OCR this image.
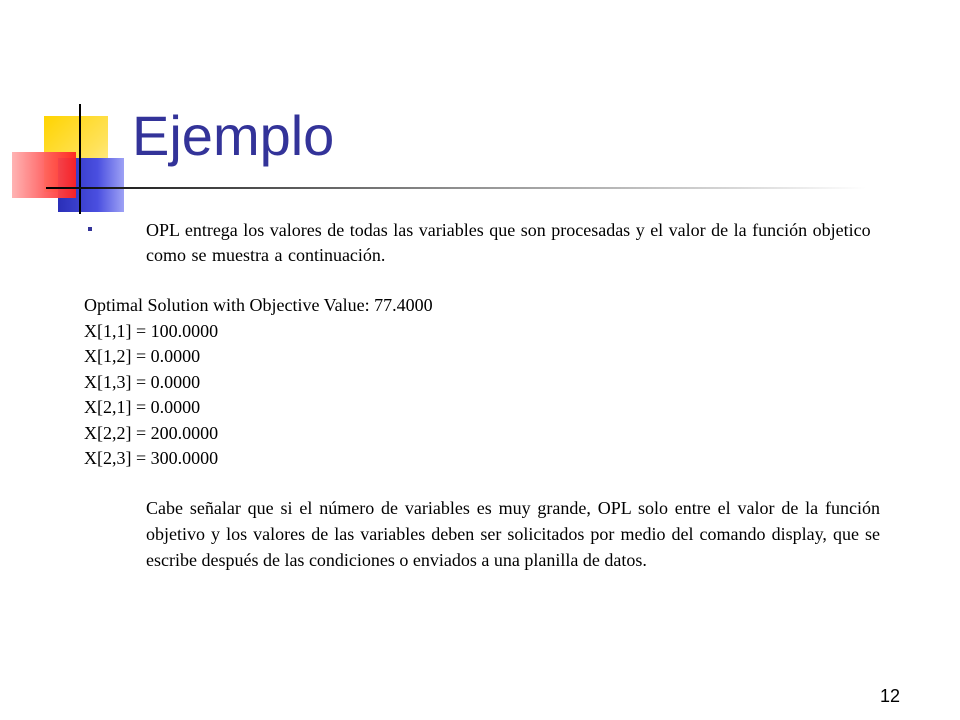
Ejemplo
OPL entrega los valores de todas las variables que son procesadas y el valor de la función objetico como se muestra a continuación.
Optimal Solution with Objective Value: 77.4000
X[1,1] = 100.0000
X[1,2] = 0.0000
X[1,3] = 0.0000
X[2,1] = 0.0000
X[2,2] = 200.0000
X[2,3] = 300.0000
Cabe señalar que si el número de variables es muy grande, OPL solo entre el valor de la función objetivo y los valores de las variables deben ser solicitados por medio del comando display, que se escribe después de las condiciones o enviados a una planilla de datos.
12
